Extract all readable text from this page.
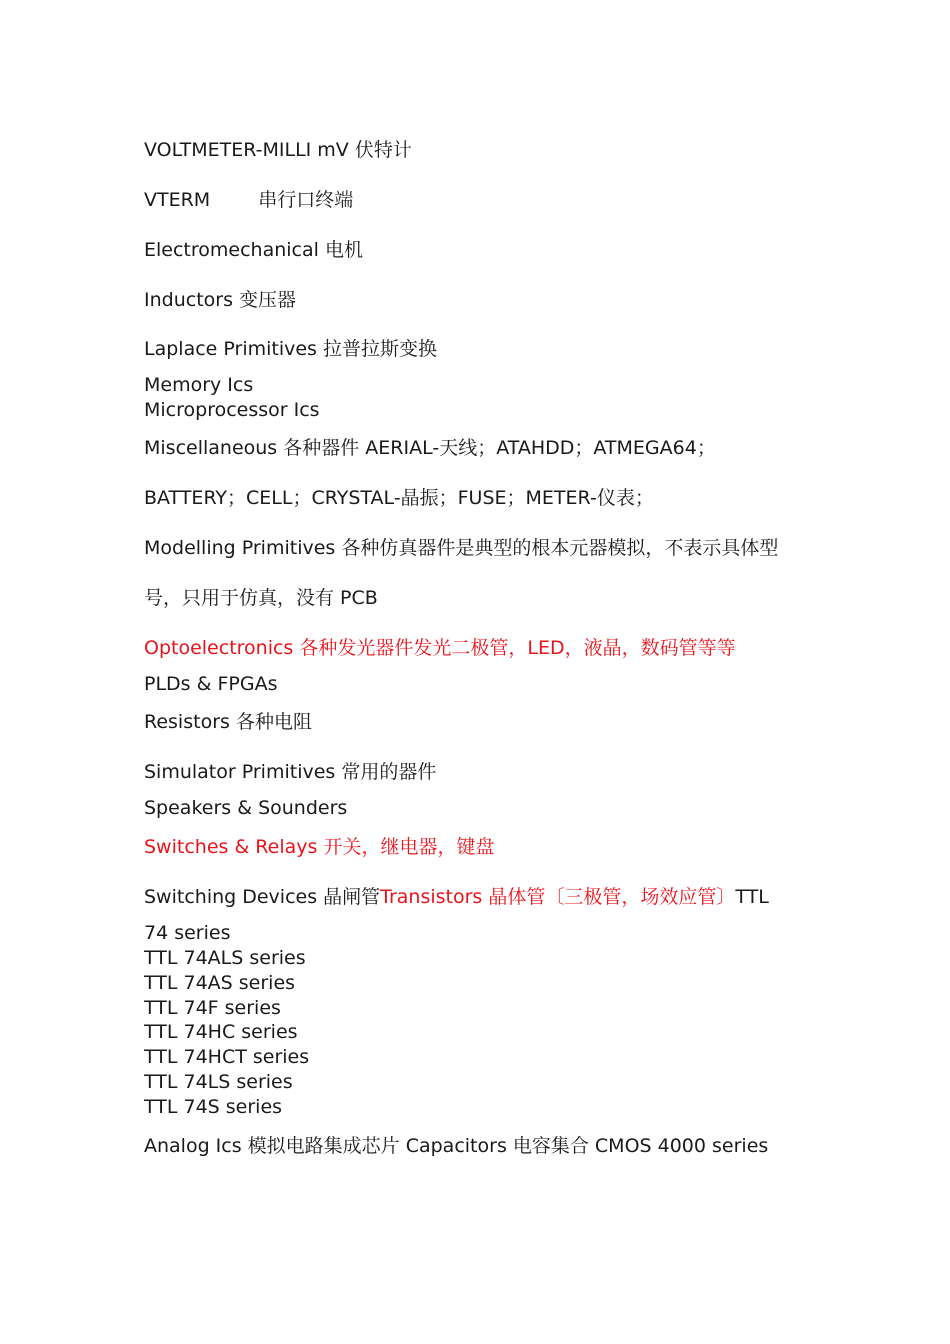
VOLTMETER-MILLI mV 伏特计
VTERM	串行口终端
Electromechanical 电机
Inductors 变压器
Laplace Primitives 拉普拉斯变换
Memory Ics
Microprocessor Ics
Miscellaneous 各种器件 AERIAL-天线；ATAHDD；ATMEGA64；
BATTERY；CELL；CRYSTAL-晶振；FUSE；METER-仪表；
Modelling Primitives 各种仿真器件是典型的根本元器模拟，不表示具体型
号，只用于仿真，没有 PCB
Optoelectronics 各种发光器件发光二极管，LED，液晶，数码管等等
PLDs & FPGAs
Resistors 各种电阻
Simulator Primitives 常用的器件
Speakers & Sounders
Switches & Relays 开关，继电器，键盘
Switching Devices 晶闸管Transistors 晶体管〔三极管，场效应管〕TTL
74 series
TTL 74ALS series
TTL 74AS series
TTL 74F series
TTL 74HC series
TTL 74HCT series
TTL 74LS series
TTL 74S series
Analog Ics 模拟电路集成芯片 Capacitors 电容集合 CMOS 4000 series
